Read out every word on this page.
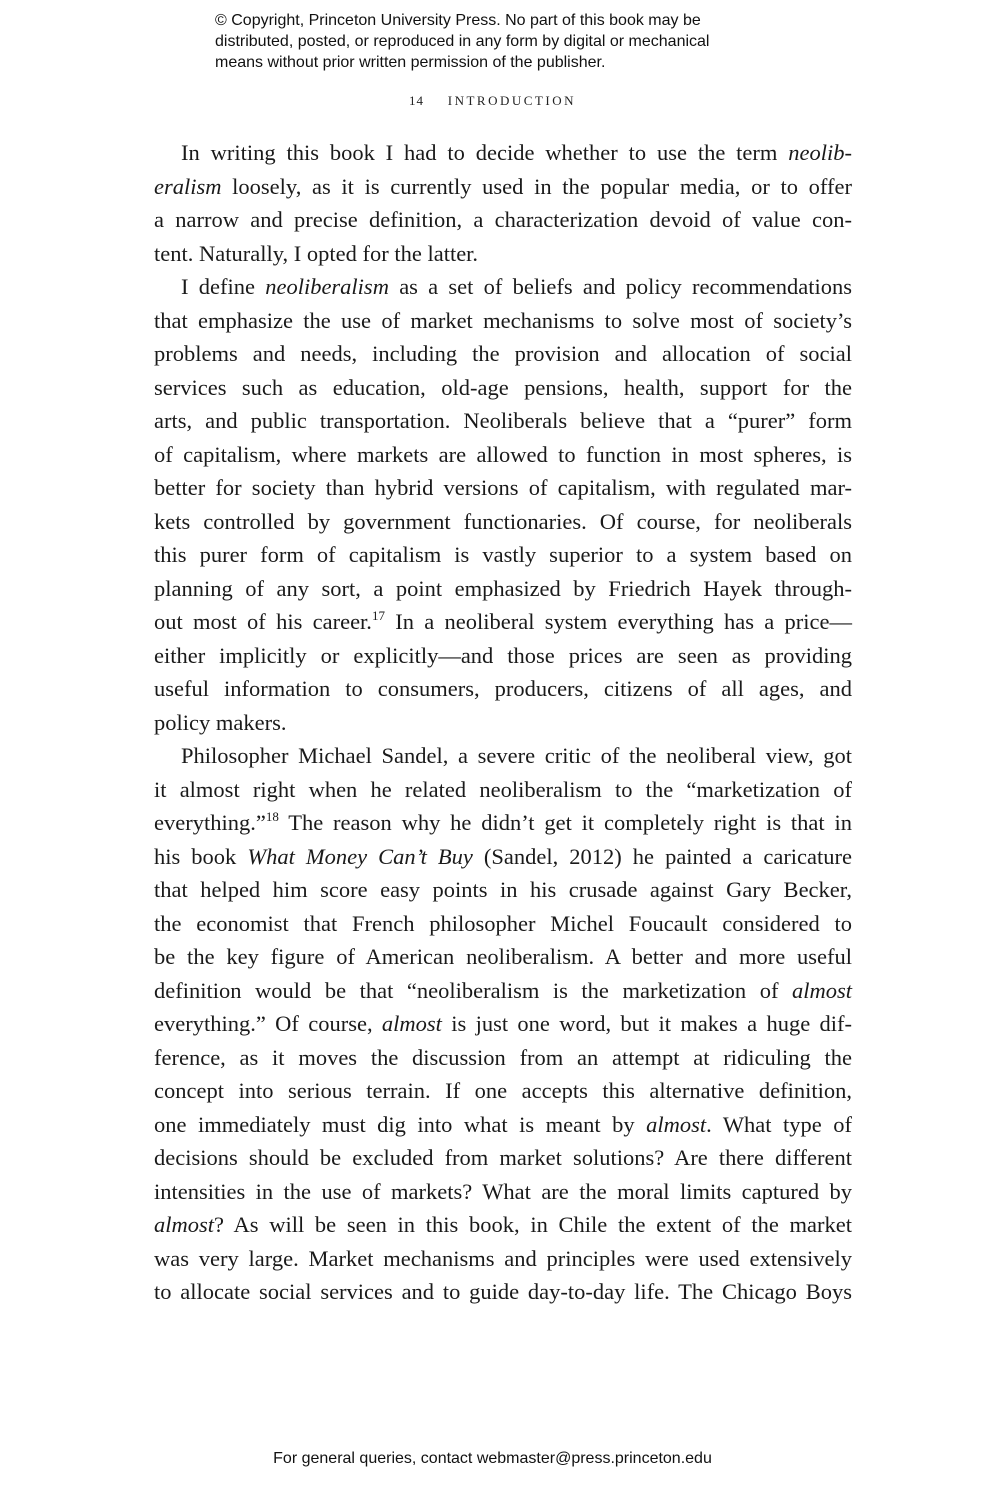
© Copyright, Princeton University Press. No part of this book may be
distributed, posted, or reproduced in any form by digital or mechanical
means without prior written permission of the publisher.
14 INTRODUCTION
In writing this book I had to decide whether to use the term neolib-
eralism loosely, as it is currently used in the popular media, or to offer
a narrow and precise definition, a characterization devoid of value con-
tent. Naturally, I opted for the latter.
I define neoliberalism as a set of beliefs and policy recommendations
that emphasize the use of market mechanisms to solve most of society’s
problems and needs, including the provision and allocation of social
services such as education, old-age pensions, health, support for the
arts, and public transportation. Neoliberals believe that a “purer” form
of capitalism, where markets are allowed to function in most spheres, is
better for society than hybrid versions of capitalism, with regulated mar-
kets controlled by government functionaries. Of course, for neoliberals
this purer form of capitalism is vastly superior to a system based on
planning of any sort, a point emphasized by Friedrich Hayek through-
out most of his career.$^{17}$ In a neoliberal system everything has a price—
either implicitly or explicitly—and those prices are seen as providing
useful information to consumers, producers, citizens of all ages, and
policy makers.
Philosopher Michael Sandel, a severe critic of the neoliberal view, got
it almost right when he related neoliberalism to the “marketization of
everything.”$^{18}$ The reason why he didn’t get it completely right is that in
his book What Money Can’t Buy (Sandel, 2012) he painted a caricature
that helped him score easy points in his crusade against Gary Becker,
the economist that French philosopher Michel Foucault considered to
be the key figure of American neoliberalism. A better and more useful
definition would be that “neoliberalism is the marketization of almost
everything.” Of course, almost is just one word, but it makes a huge dif-
ference, as it moves the discussion from an attempt at ridiculing the
concept into serious terrain. If one accepts this alternative definition,
one immediately must dig into what is meant by almost. What type of
decisions should be excluded from market solutions? Are there different
intensities in the use of markets? What are the moral limits captured by
almost? As will be seen in this book, in Chile the extent of the market
was very large. Market mechanisms and principles were used extensively
to allocate social services and to guide day-to-day life. The Chicago Boys
For general queries, contact webmaster@press.princeton.edu
